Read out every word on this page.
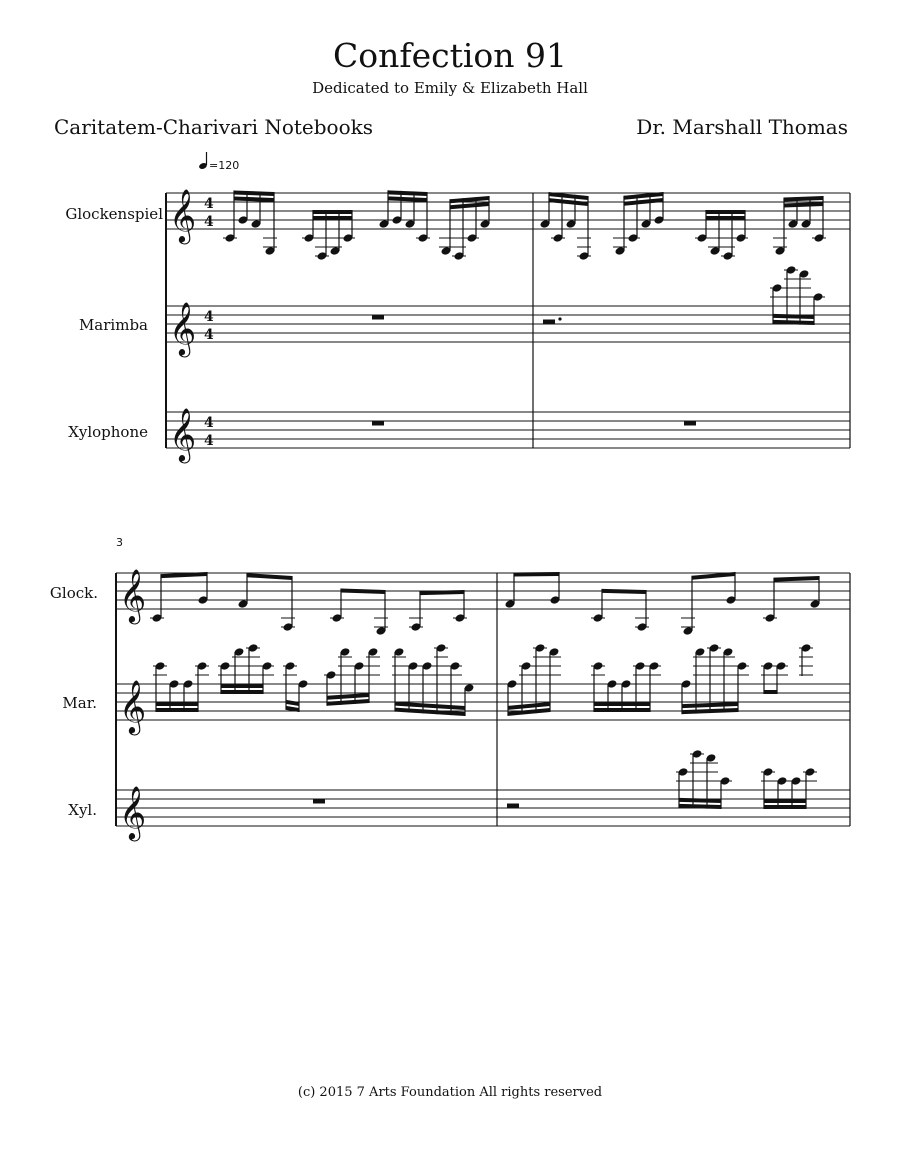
Confection 91
Dedicated to Emily & Elizabeth Hall
Caritatem-Charivari Notebooks	Dr. Marshall Thomas
=120
Glockenspiel
Marimba
Xylophone
𝄞
𝄞
𝄞
4
4
4
4
4
4
3
Glock.
Mar.
Xyl.
𝄞
𝄞
𝄞
(c) 2015 7 Arts Foundation All rights reserved
